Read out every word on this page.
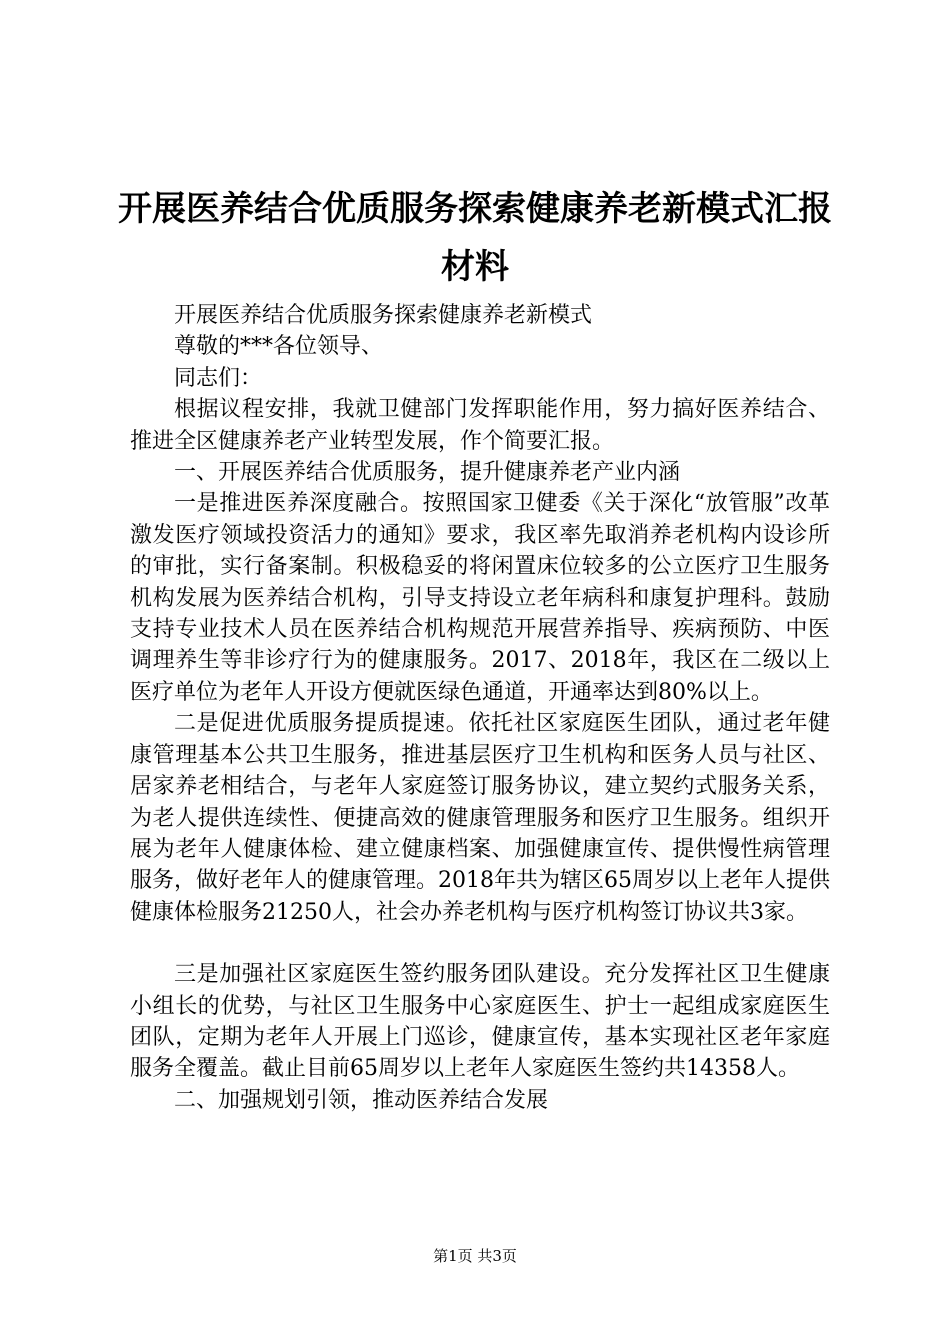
开展医养结合优质服务探索健康养老新模式汇报材料

开展医养结合优质服务探索健康养老新模式

尊敬的***各位领导、

同志们：

根据议程安排，我就卫健部门发挥职能作用，努力搞好医养结合、推进全区健康养老产业转型发展，作个简要汇报。

一、开展医养结合优质服务，提升健康养老产业内涵

一是推进医养深度融合。按照国家卫健委《关于深化“放管服”改革激发医疗领域投资活力的通知》要求，我区率先取消养老机构内设诊所的审批，实行备案制。积极稳妥的将闲置床位较多的公立医疗卫生服务机构发展为医养结合机构，引导支持设立老年病科和康复护理科。鼓励支持专业技术人员在医养结合机构规范开展营养指导、疾病预防、中医调理养生等非诊疗行为的健康服务。2017、2018年，我区在二级以上医疗单位为老年人开设方便就医绿色通道，开通率达到80%以上。

二是促进优质服务提质提速。依托社区家庭医生团队，通过老年健康管理基本公共卫生服务，推进基层医疗卫生机构和医务人员与社区、居家养老相结合，与老年人家庭签订服务协议，建立契约式服务关系，为老人提供连续性、便捷高效的健康管理服务和医疗卫生服务。组织开展为老年人健康体检、建立健康档案、加强健康宣传、提供慢性病管理服务，做好老年人的健康管理。2018年共为辖区65周岁以上老年人提供健康体检服务21250人，社会办养老机构与医疗机构签订协议共3家。

三是加强社区家庭医生签约服务团队建设。充分发挥社区卫生健康小组长的优势，与社区卫生服务中心家庭医生、护士一起组成家庭医生团队，定期为老年人开展上门巡诊，健康宣传，基本实现社区老年家庭服务全覆盖。截止目前65周岁以上老年人家庭医生签约共14358人。

二、加强规划引领，推动医养结合发展

第1页 共3页
